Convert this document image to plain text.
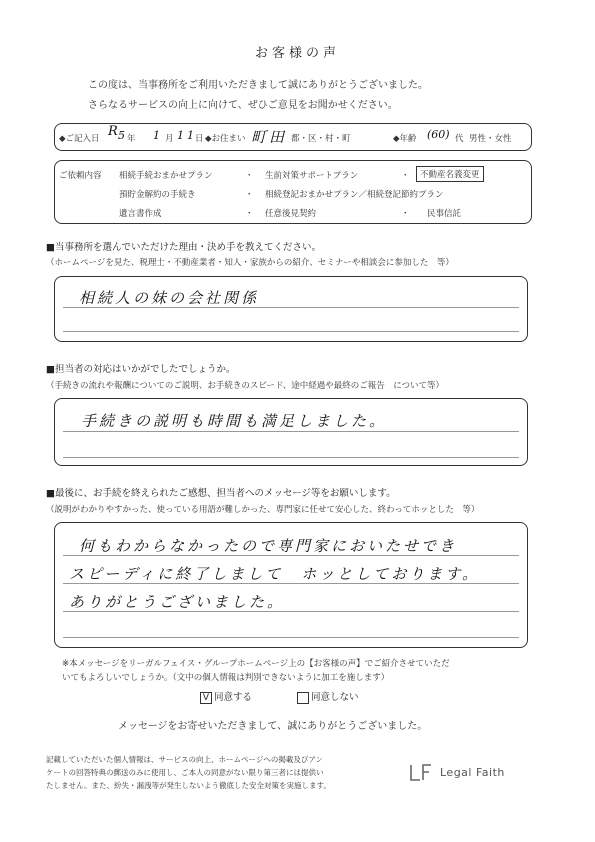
お客様の声
この度は、当事務所をご利用いただきまして誠にありがとうございました。
さらなるサービスの向上に向けて、ぜひご意見をお聞かせください。
◆ご記入日 R
5 年 1 月 11
日 ◆お住まい 町田 都・区・村・町	◆年齢 (60) 代 男性・女性
ご依頼内容 相続手続おまかせプラン	・ 生前対策サポートプラン	・	不動産名義変更
預貯金解約の手続き	・ 相続登記おまかせプラン／相続登記節約プラン
遺言書作成	・ 任意後見契約	・ 民事信託
■当事務所を選んでいただけた理由・決め手を教えてください。
（ホームページを見た、税理士・不動産業者・知人・家族からの紹介、セミナーや相談会に参加した　等）
相続人の妹の会社関係
■担当者の対応はいかがでしたでしょうか。
（手続きの流れや報酬についてのご説明、お手続きのスピード、途中経過や最終のご報告　について等）
手続きの説明も時間も満足しました。
■最後に、お手続を終えられたご感想、担当者へのメッセージ等をお願いします。
（説明がわかりやすかった、使っている用語が難しかった、専門家に任せて安心した、終わってホッとした　等）
何もわからなかったので専門家においたせでき
スピーディに終了しまして　ホッとしております。
ありがとうございました。
※本メッセージをリーガルフェイス・グループホームページ上の【お客様の声】でご紹介させていただ
いてもよろしいでしょうか。（文中の個人情報は判別できないように加工を施します）
V 同意する	同意しない
メッセージをお寄せいただきまして、誠にありがとうございました。
記載していただいた個人情報は、サービスの向上、ホームページへの掲載及びアン
ケートの回答特典の郵送のみに使用し、ご本人の同意がない限り第三者には提供い
たしません。また、紛失・漏洩等が発生しないよう徹底した安全対策を実施します。
Legal Faith
